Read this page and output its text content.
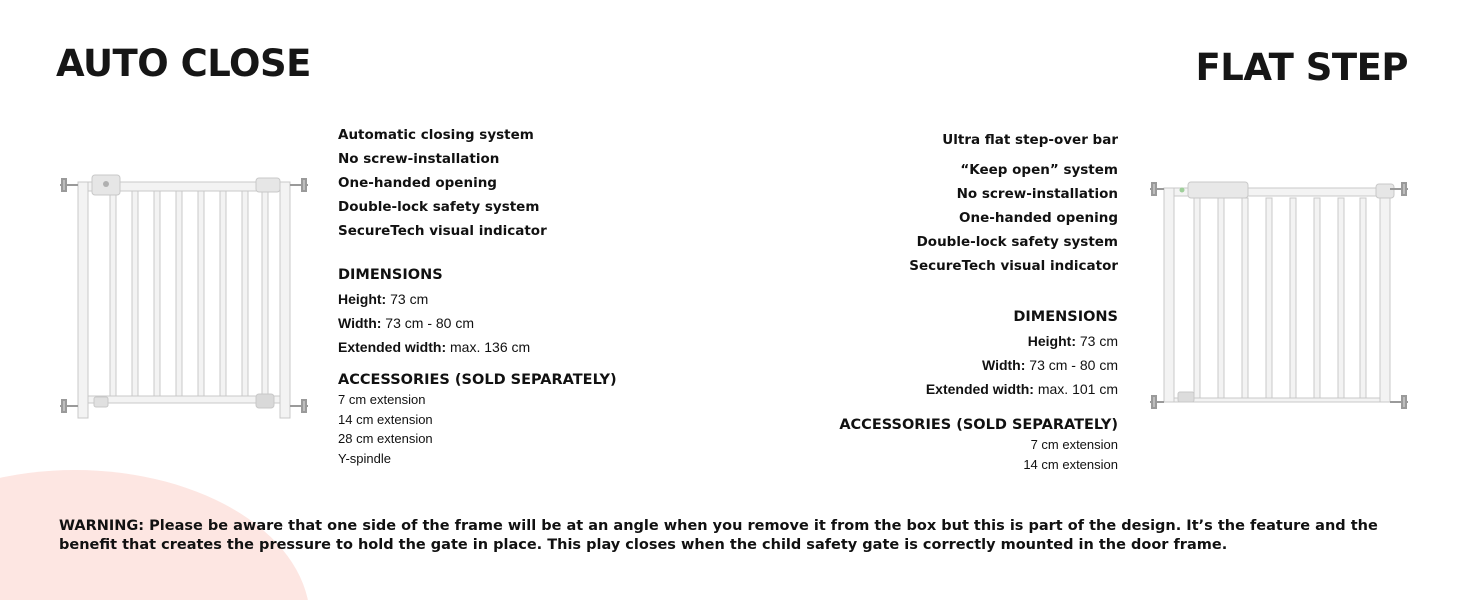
AUTO CLOSE	FLAT STEP
Automatic closing system
No screw-installation
One-handed opening
Double-lock safety system
SecureTech visual indicator
DIMENSIONS
Height: 73 cm
Width: 73 cm - 80 cm
Extended width: max. 136 cm
ACCESSORIES (SOLD SEPARATELY)
7 cm extension
14 cm extension
28 cm extension
Y-spindle
Ultra flat step-over bar
“Keep open” system
No screw-installation
One-handed opening
Double-lock safety system
SecureTech visual indicator
DIMENSIONS
Height: 73 cm
Width: 73 cm - 80 cm
Extended width: max. 101 cm
ACCESSORIES (SOLD SEPARATELY)
7 cm extension
14 cm extension
WARNING: Please be aware that one side of the frame will be at an angle when you remove it from the box but this is part of the design. It’s the feature and the benefit that creates the pressure to hold the gate in place. This play closes when the child safety gate is correctly mounted in the door frame.
